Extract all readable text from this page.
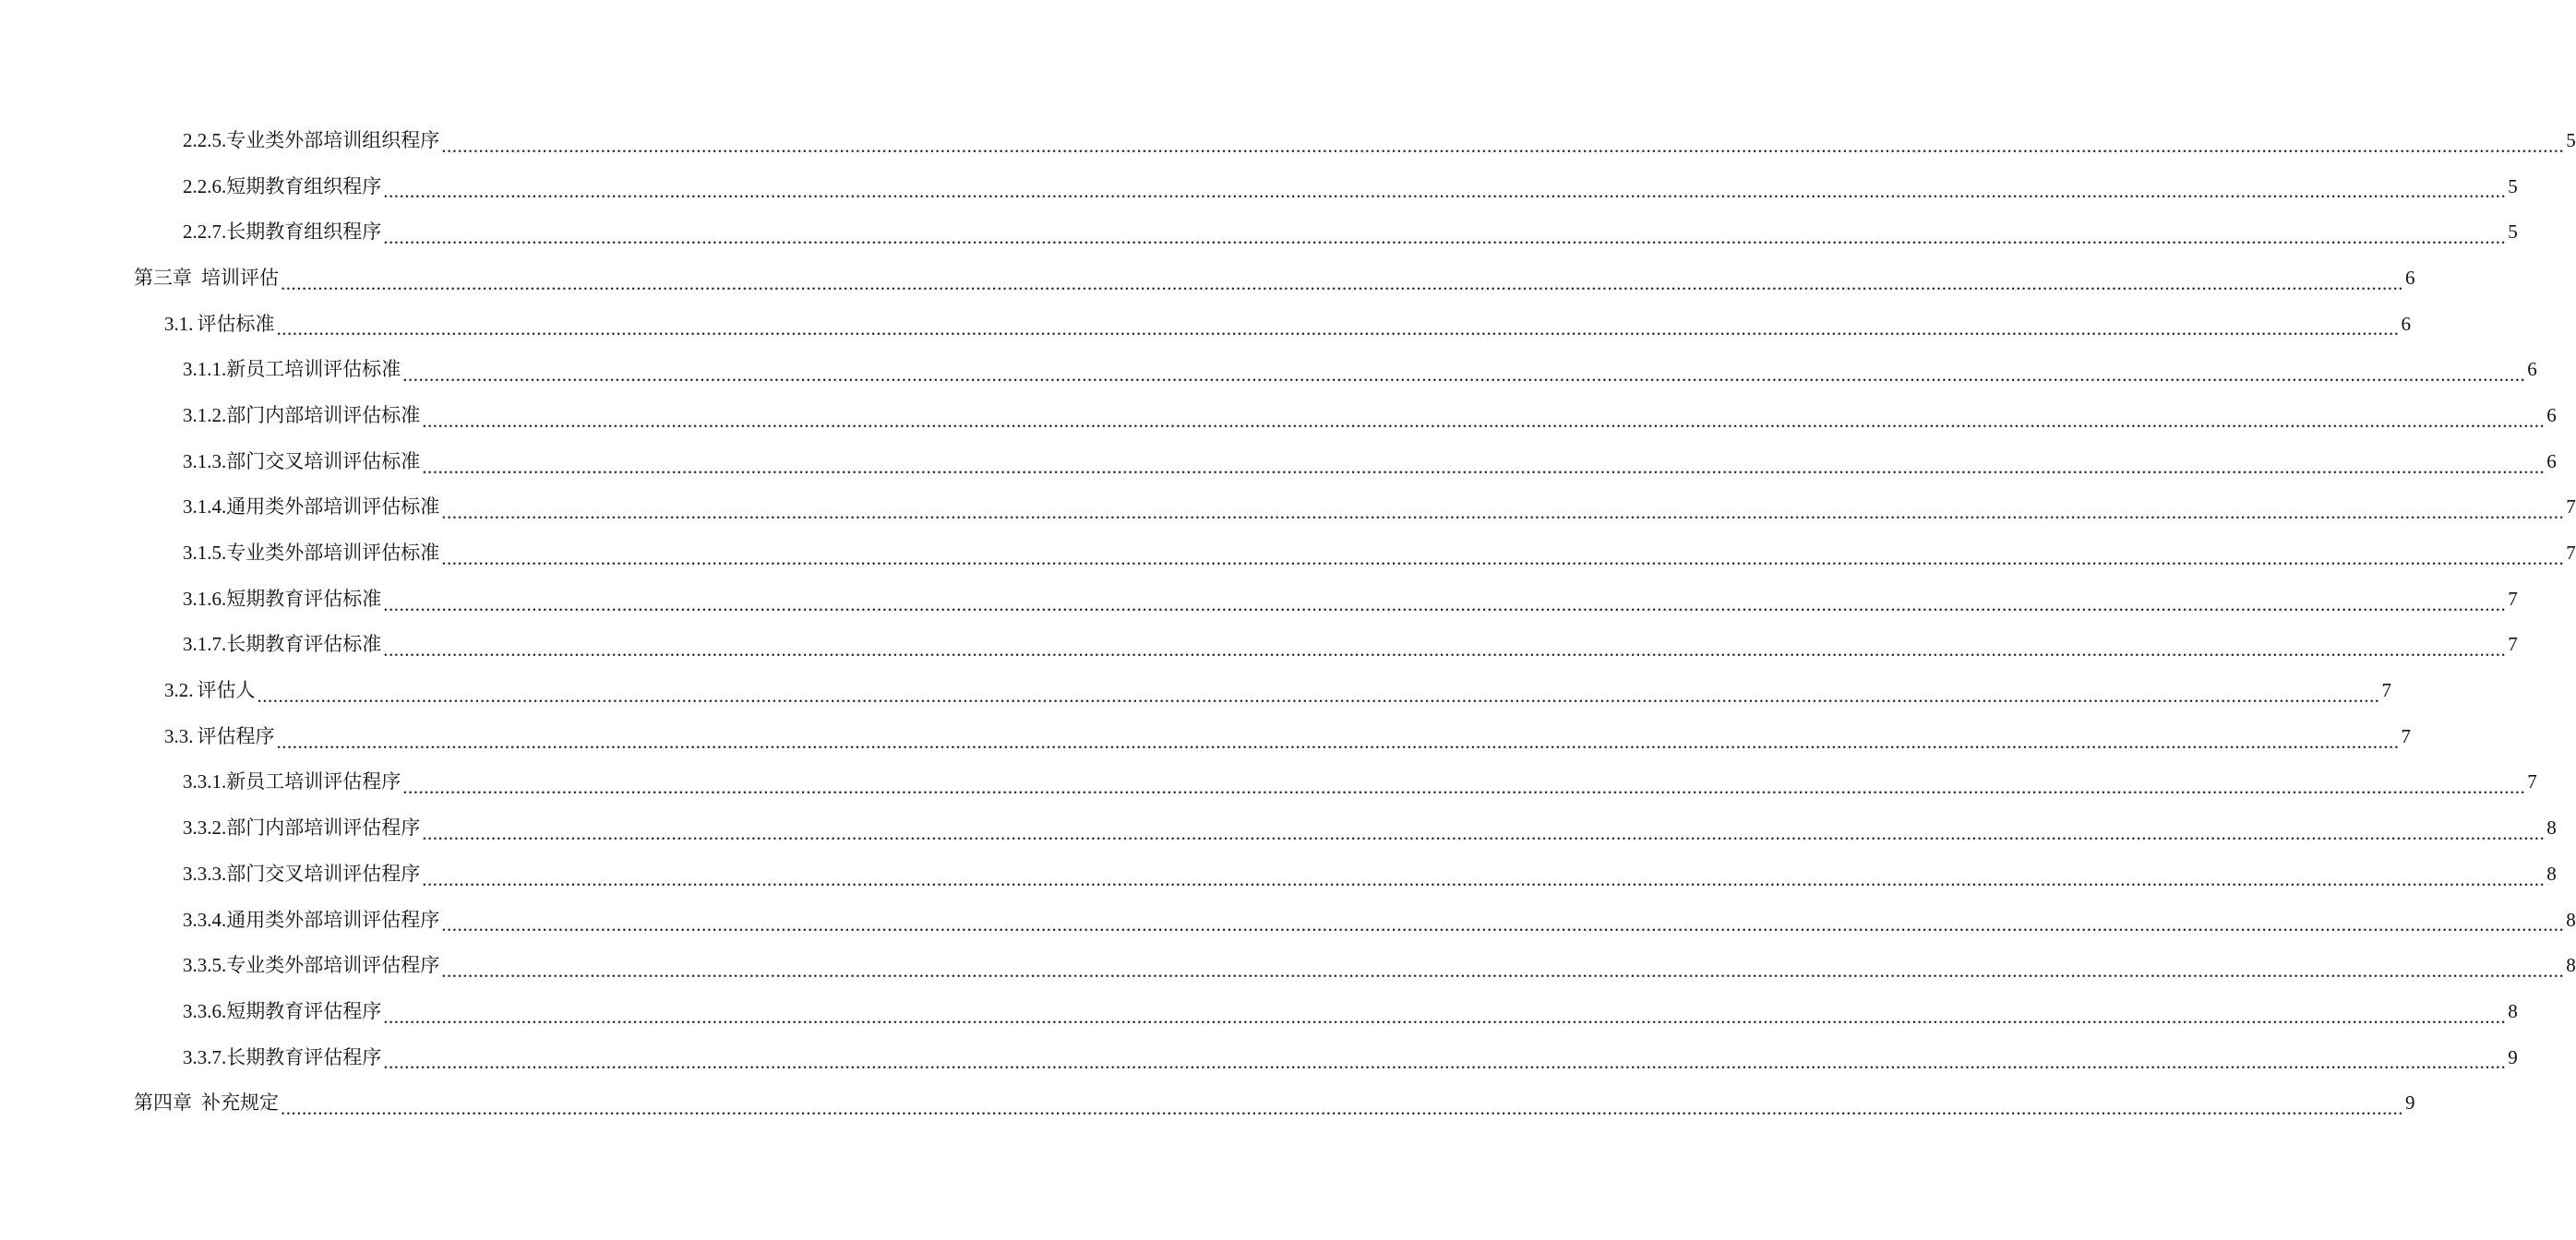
2.2.5. 专业类外部培训组织程序 ................................................................................................................................................................................................................................................................................................................................................................................................................ 5
2.2.6. 短期教育组织程序 ................................................................................................................................................................................................................................................................................................................................................................................................................ 5
2.2.7. 长期教育组织程序 ................................................................................................................................................................................................................................................................................................................................................................................................................ 5
第三章 培训评估 ................................................................................................................................................................................................................................................................................................................................................................................................................ 6
3.1. 评估标准 ................................................................................................................................................................................................................................................................................................................................................................................................................ 6
3.1.1. 新员工培训评估标准 ................................................................................................................................................................................................................................................................................................................................................................................................................ 6
3.1.2. 部门内部培训评估标准 ................................................................................................................................................................................................................................................................................................................................................................................................................ 6
3.1.3. 部门交叉培训评估标准 ................................................................................................................................................................................................................................................................................................................................................................................................................ 6
3.1.4. 通用类外部培训评估标准 ................................................................................................................................................................................................................................................................................................................................................................................................................ 7
3.1.5. 专业类外部培训评估标准 ................................................................................................................................................................................................................................................................................................................................................................................................................ 7
3.1.6. 短期教育评估标准 ................................................................................................................................................................................................................................................................................................................................................................................................................ 7
3.1.7. 长期教育评估标准 ................................................................................................................................................................................................................................................................................................................................................................................................................ 7
3.2. 评估人 ................................................................................................................................................................................................................................................................................................................................................................................................................ 7
3.3. 评估程序 ................................................................................................................................................................................................................................................................................................................................................................................................................ 7
3.3.1. 新员工培训评估程序 ................................................................................................................................................................................................................................................................................................................................................................................................................ 7
3.3.2. 部门内部培训评估程序 ................................................................................................................................................................................................................................................................................................................................................................................................................ 8
3.3.3. 部门交叉培训评估程序 ................................................................................................................................................................................................................................................................................................................................................................................................................ 8
3.3.4. 通用类外部培训评估程序 ................................................................................................................................................................................................................................................................................................................................................................................................................ 8
3.3.5. 专业类外部培训评估程序 ................................................................................................................................................................................................................................................................................................................................................................................................................ 8
3.3.6. 短期教育评估程序 ................................................................................................................................................................................................................................................................................................................................................................................................................ 8
3.3.7. 长期教育评估程序 ................................................................................................................................................................................................................................................................................................................................................................................................................ 9
第四章 补充规定 ................................................................................................................................................................................................................................................................................................................................................................................................................ 9
